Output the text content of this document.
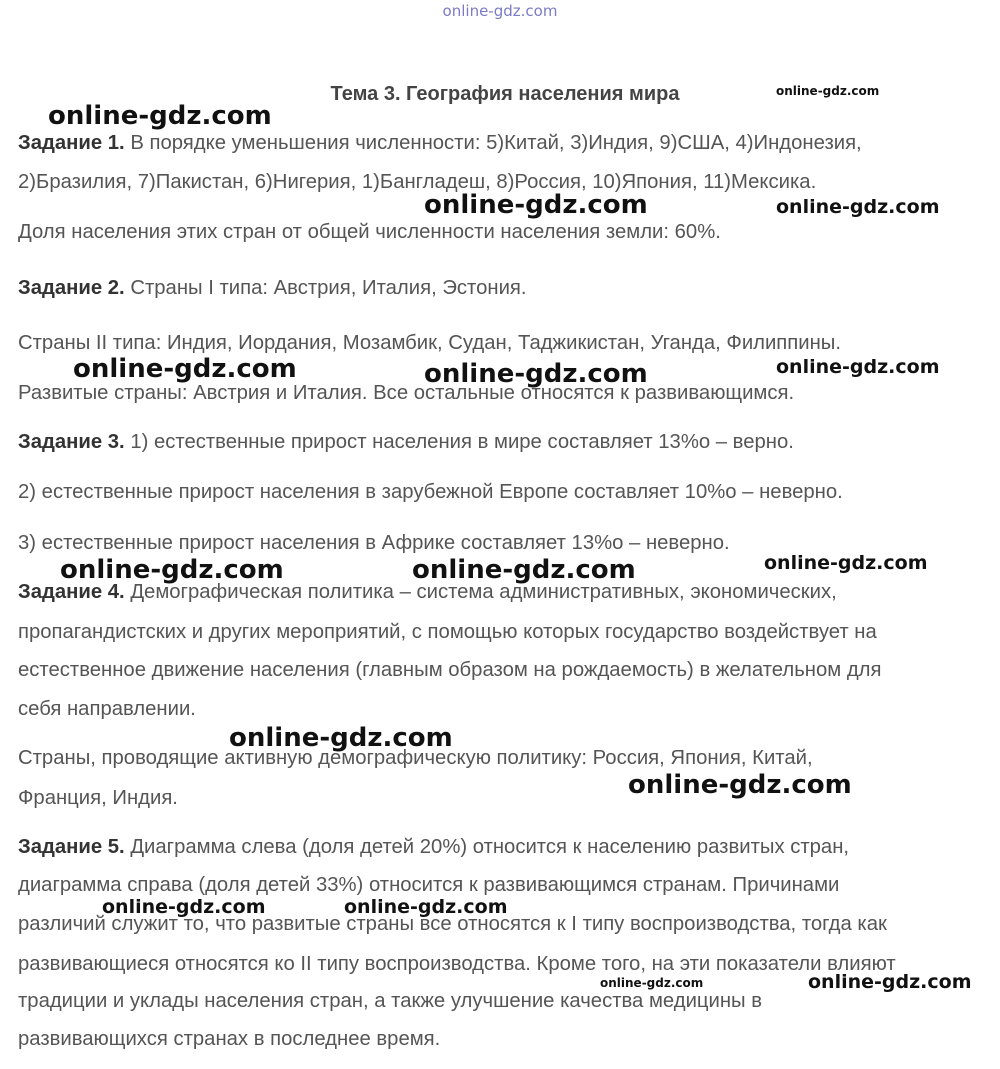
online-gdz.com
Тема 3. География населения мира
Задание 1. В порядке уменьшения численности: 5)Китай, 3)Индия, 9)США, 4)Индонезия,
2)Бразилия, 7)Пакистан, 6)Нигерия, 1)Бангладеш, 8)Россия, 10)Япония, 11)Мексика.
Доля населения этих стран от общей численности населения земли: 60%.
Задание 2. Страны I типа: Австрия, Италия, Эстония.
Страны II типа: Индия, Иордания, Мозамбик, Судан, Таджикистан, Уганда, Филиппины.
Развитые страны: Австрия и Италия. Все остальные относятся к развивающимся.
Задание 3. 1) естественные прирост населения в мире составляет 13%о – верно.
2) естественные прирост населения в зарубежной Европе составляет 10%о – неверно.
3) естественные прирост населения в Африке составляет 13%о – неверно.
Задание 4. Демографическая политика – система административных, экономических,
пропагандистских и других мероприятий, с помощью которых государство воздействует на
естественное движение населения (главным образом на рождаемость) в желательном для
себя направлении.
Страны, проводящие активную демографическую политику: Россия, Япония, Китай,
Франция, Индия.
Задание 5. Диаграмма слева (доля детей 20%) относится к населению развитых стран,
диаграмма справа (доля детей 33%) относится к развивающимся странам. Причинами
различий служит то, что развитые страны все относятся к I типу воспроизводства, тогда как
развивающиеся относятся ко II типу воспроизводства. Кроме того, на эти показатели влияют
традиции и уклады населения стран, а также улучшение качества медицины в
развивающихся странах в последнее время.
online-gdz.com
online-gdz.com
online-gdz.com	online-gdz.com
online-gdz.com	online-gdz.com	online-gdz.com
online-gdz.com	online-gdz.com	online-gdz.com
online-gdz.com
online-gdz.com
online-gdz.com	online-gdz.com
online-gdz.com	online-gdz.com
